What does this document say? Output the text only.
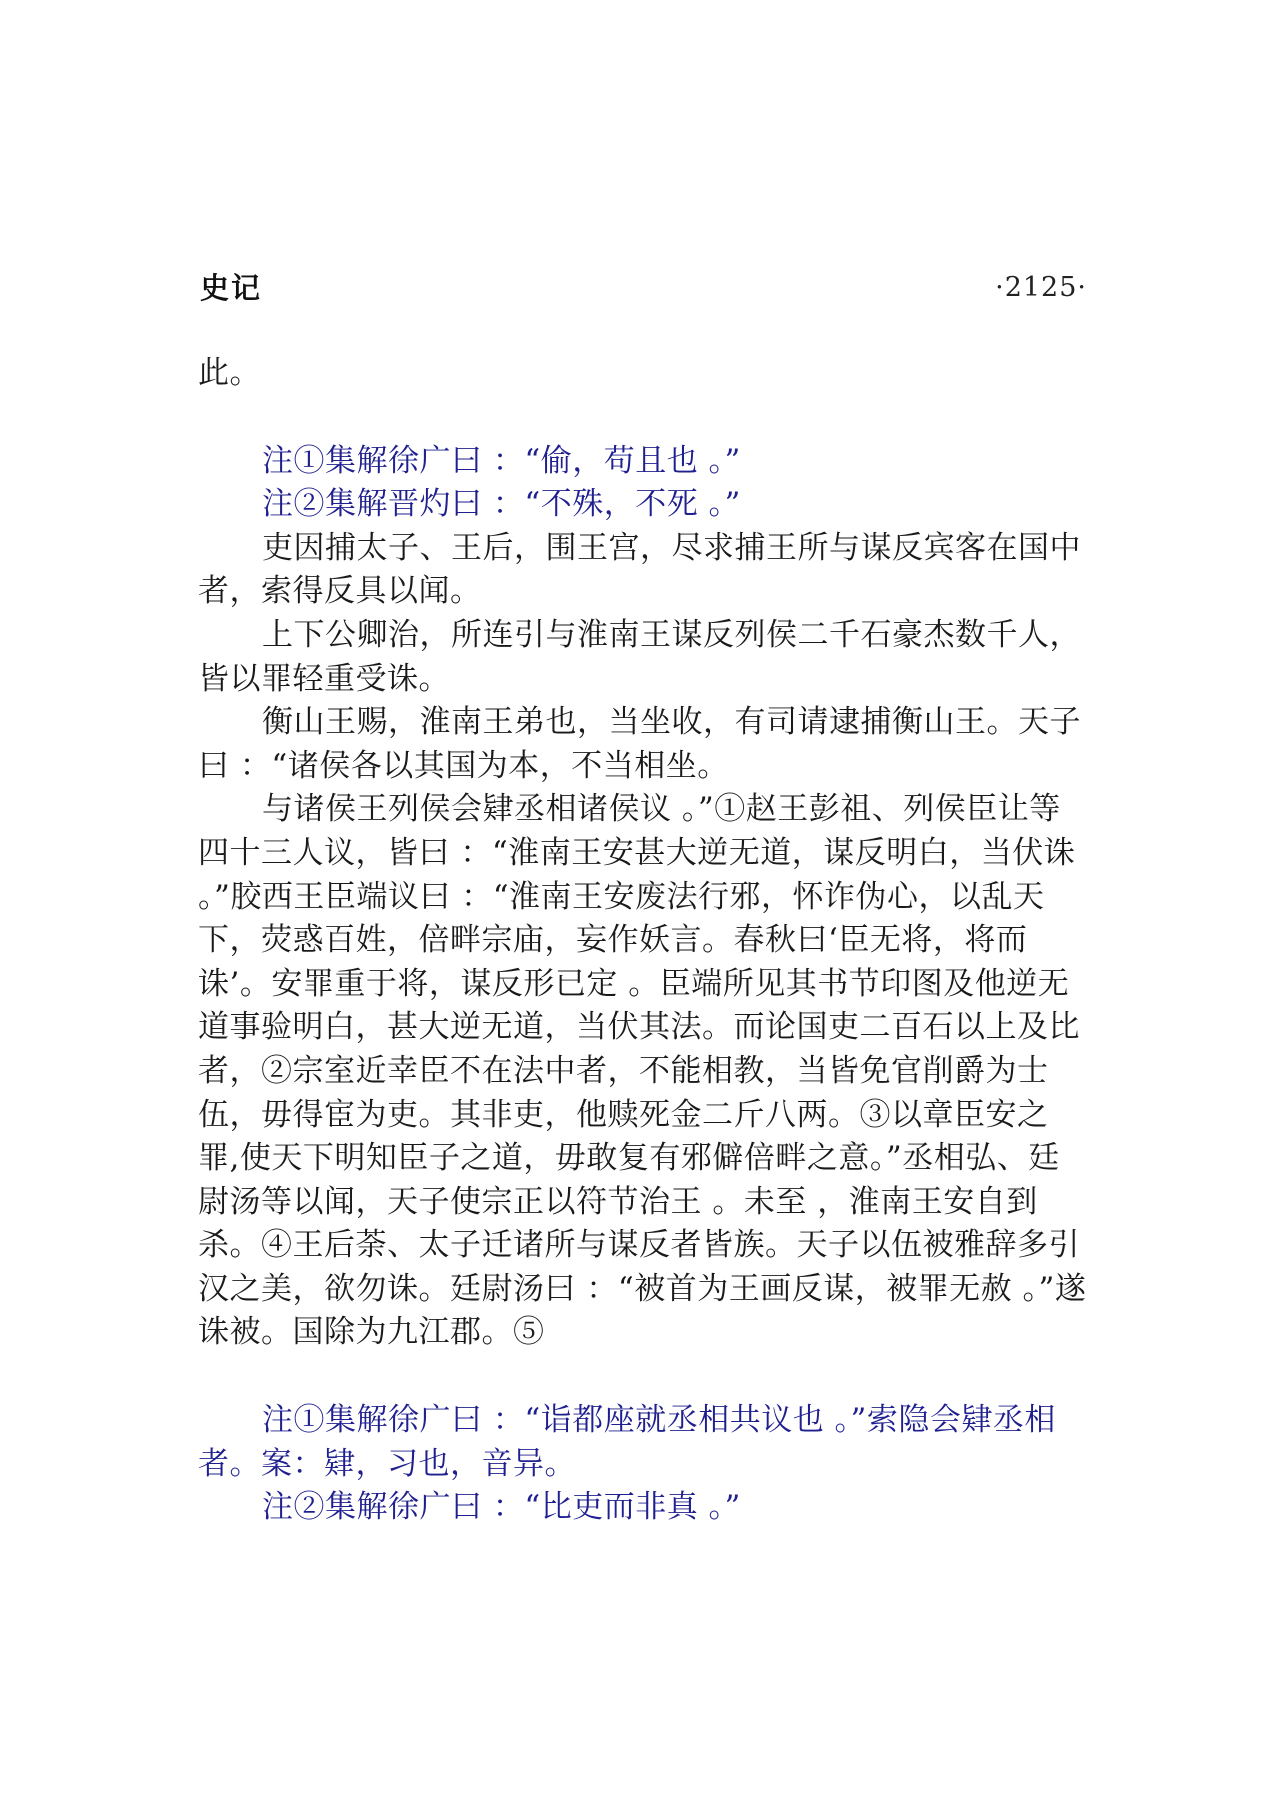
史记	·2125·

此。

注①集解徐广曰 ：“偷，苟且也 。”

注②集解晋灼曰 ：“不殊，不死 。”

吏因捕太子、王后，围王宫，尽求捕王所与谋反宾客在国中者，索得反具以闻。

上下公卿治，所连引与淮南王谋反列侯二千石豪杰数千人，皆以罪轻重受诛。

衡山王赐，淮南王弟也，当坐收，有司请逮捕衡山王。天子曰 ：“诸侯各以其国为本，不当相坐。

与诸侯王列侯会肄丞相诸侯议 。”①赵王彭祖、列侯臣让等四十三人议，皆曰 ：“淮南王安甚大逆无道，谋反明白，当伏诛 。”胶西王臣端议曰 ：“淮南王安废法行邪，怀诈伪心，以乱天下，荧惑百姓，倍畔宗庙，妄作妖言。春秋曰‘臣无将，将而诛’。安罪重于将，谋反形已定 。臣端所见其书节印图及他逆无道事验明白，甚大逆无道，当伏其法。而论国吏二百石以上及比者，②宗室近幸臣不在法中者，不能相教，当皆免官削爵为士伍，毋得宦为吏。其非吏，他赎死金二斤八两。③以章臣安之罪,使天下明知臣子之道，毋敢复有邪僻倍畔之意。”丞相弘、廷尉汤等以闻，天子使宗正以符节治王 。未至 ，淮南王安自到杀。④王后荼、太子迁诸所与谋反者皆族。天子以伍被雅辞多引汉之美，欲勿诛。廷尉汤曰 ：“被首为王画反谋，被罪无赦 。”遂诛被。国除为九江郡。⑤

注①集解徐广曰 ：“诣都座就丞相共议也 。”索隐会肄丞相者。案：肄，习也，音异。

注②集解徐广曰 ：“比吏而非真 。”
